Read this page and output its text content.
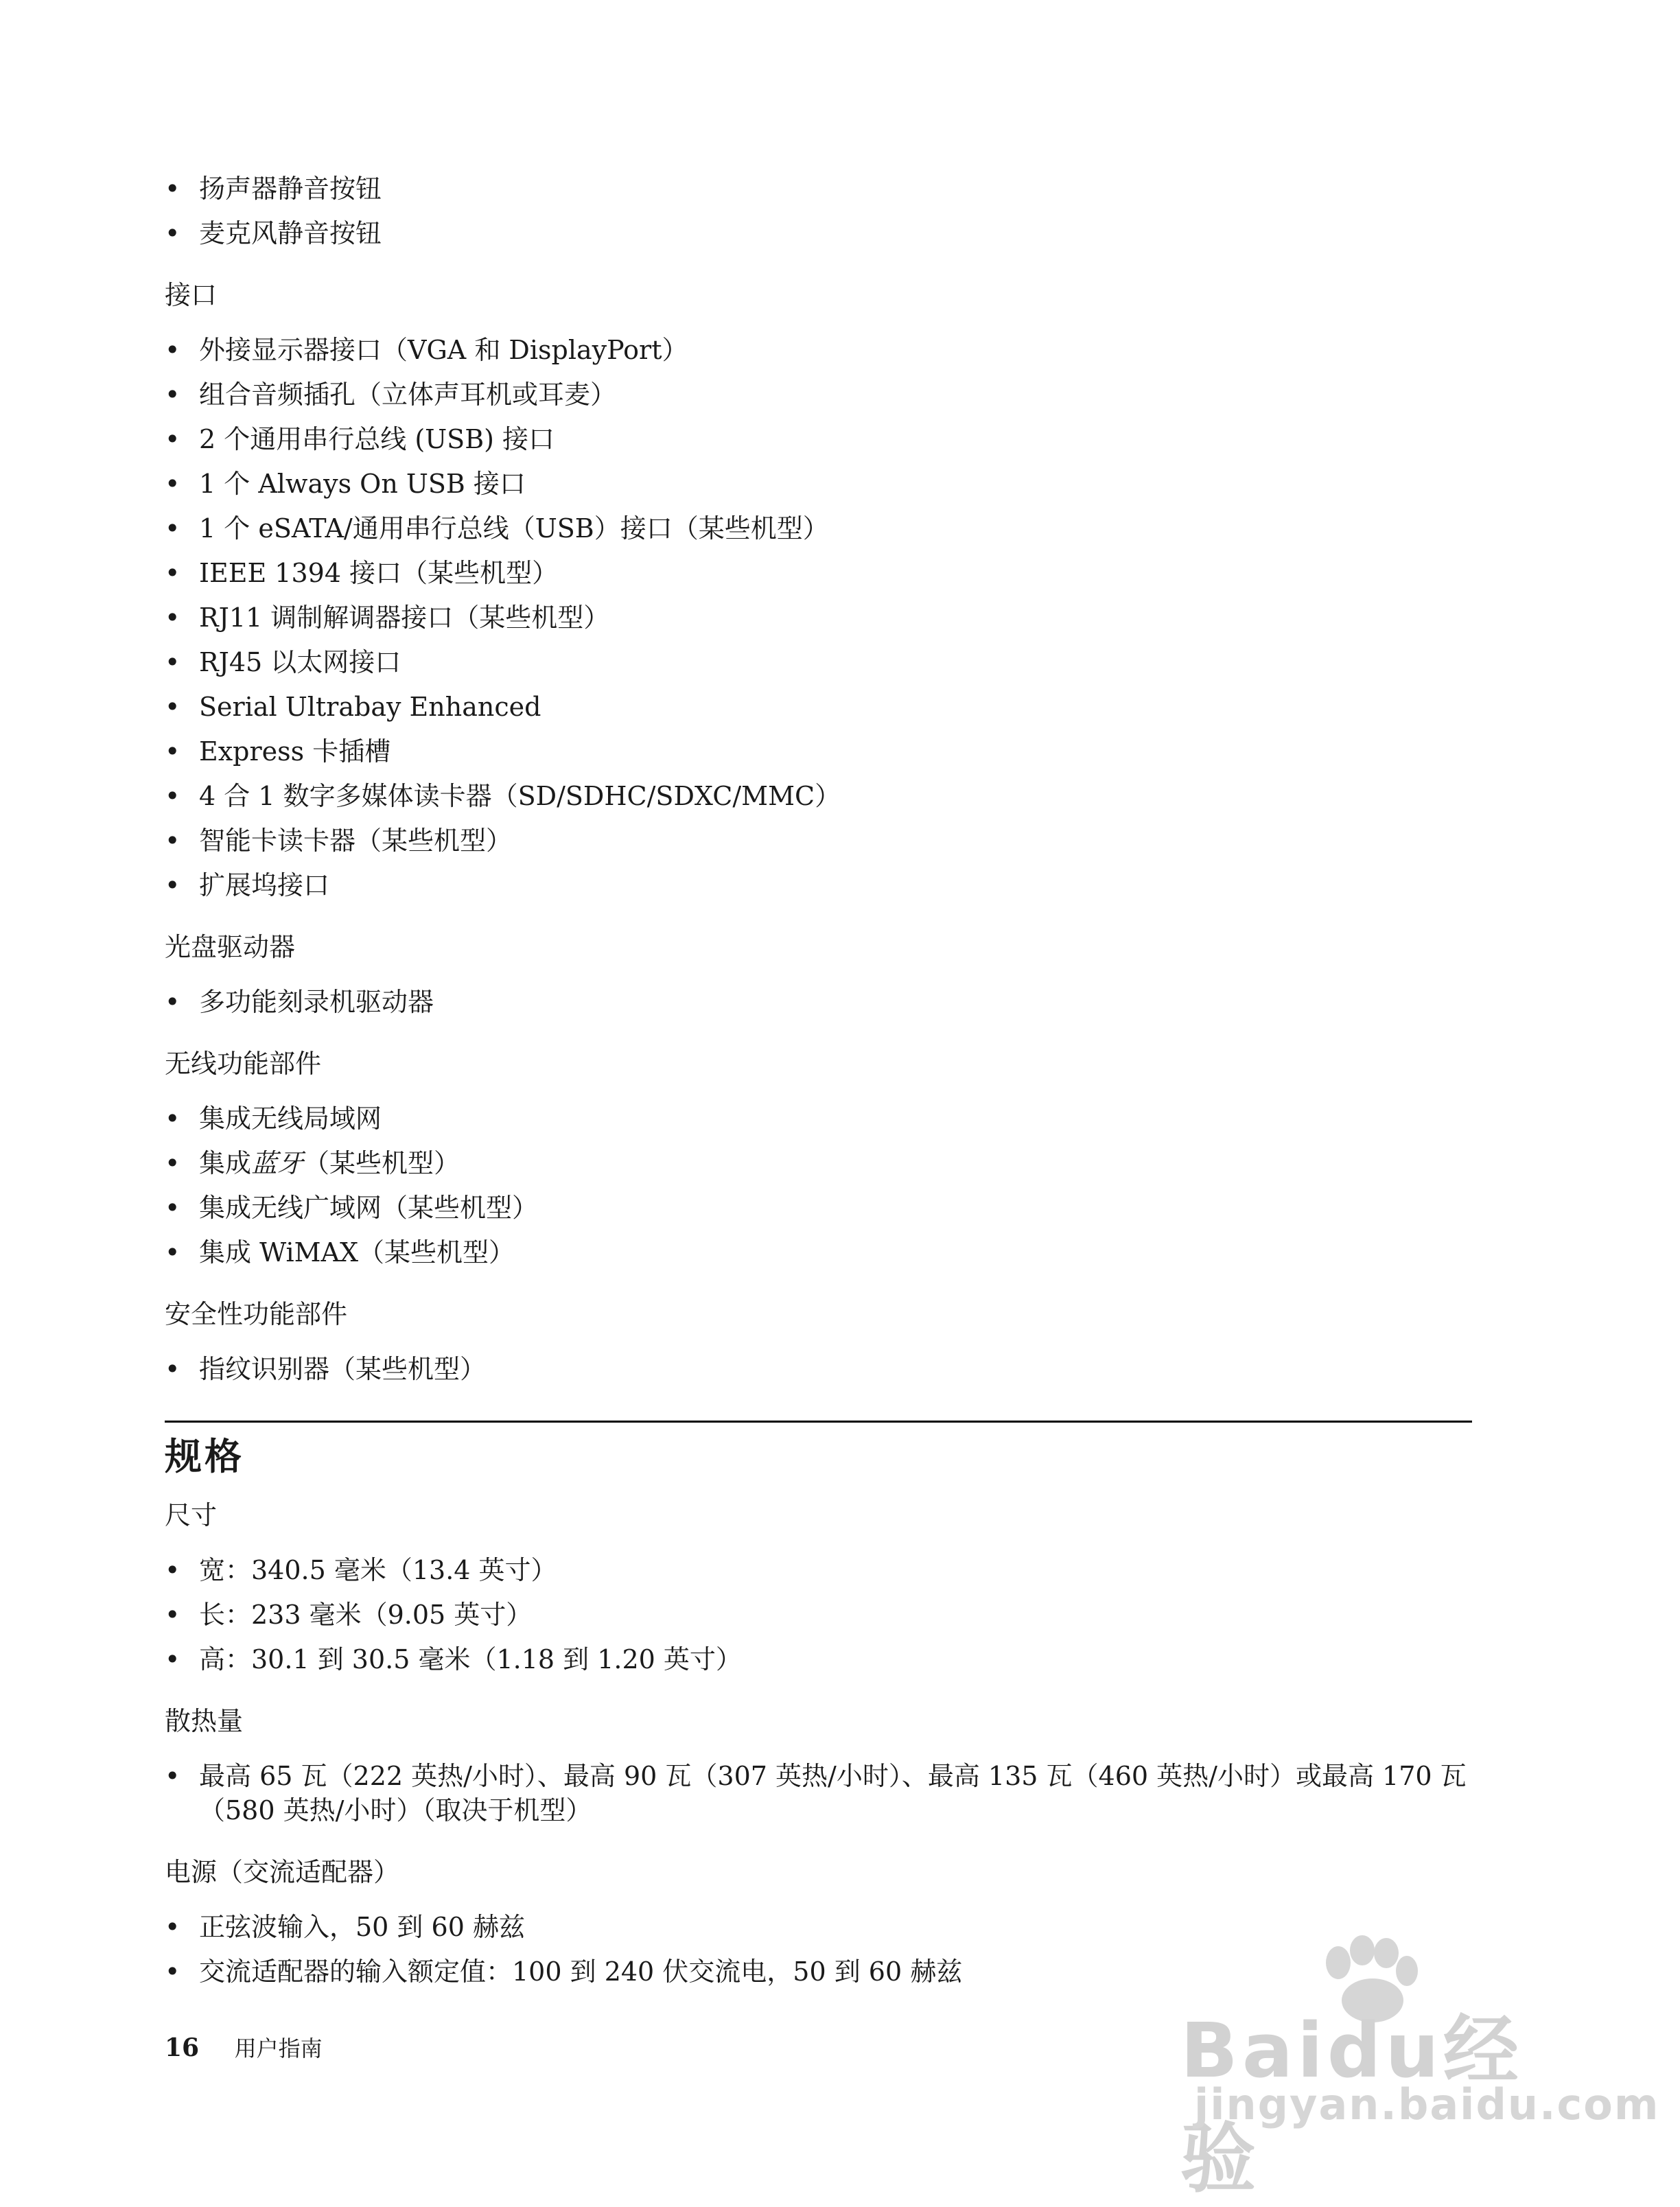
• 扬声器静音按钮
• 麦克风静音按钮
接口
• 外接显示器接口（VGA 和 DisplayPort）
• 组合音频插孔（立体声耳机或耳麦）
• 2 个通用串行总线 (USB) 接口
• 1 个 Always On USB 接口
• 1 个 eSATA/通用串行总线（USB）接口（某些机型）
• IEEE 1394 接口（某些机型）
• RJ11 调制解调器接口（某些机型）
• RJ45 以太网接口
• Serial Ultrabay Enhanced
• Express 卡插槽
• 4 合 1 数字多媒体读卡器（SD/SDHC/SDXC/MMC）
• 智能卡读卡器（某些机型）
• 扩展坞接口
光盘驱动器
• 多功能刻录机驱动器
无线功能部件
• 集成无线局域网
• 集成蓝牙（某些机型）
• 集成无线广域网（某些机型）
• 集成 WiMAX（某些机型）
安全性功能部件
• 指纹识别器（某些机型）
规格
尺寸
• 宽：340.5 毫米（13.4 英寸）
• 长：233 毫米（9.05 英寸）
• 高：30.1 到 30.5 毫米（1.18 到 1.20 英寸）
散热量
• 最高 65 瓦（222 英热/小时）、最高 90 瓦（307 英热/小时）、最高 135 瓦（460 英热/小时）或最高 170 瓦（580 英热/小时）（取决于机型）
电源（交流适配器）
• 正弦波输入，50 到 60 赫兹
• 交流适配器的输入额定值：100 到 240 伏交流电，50 到 60 赫兹
16 用户指南	Baidu经验
jingyan.baidu.com
